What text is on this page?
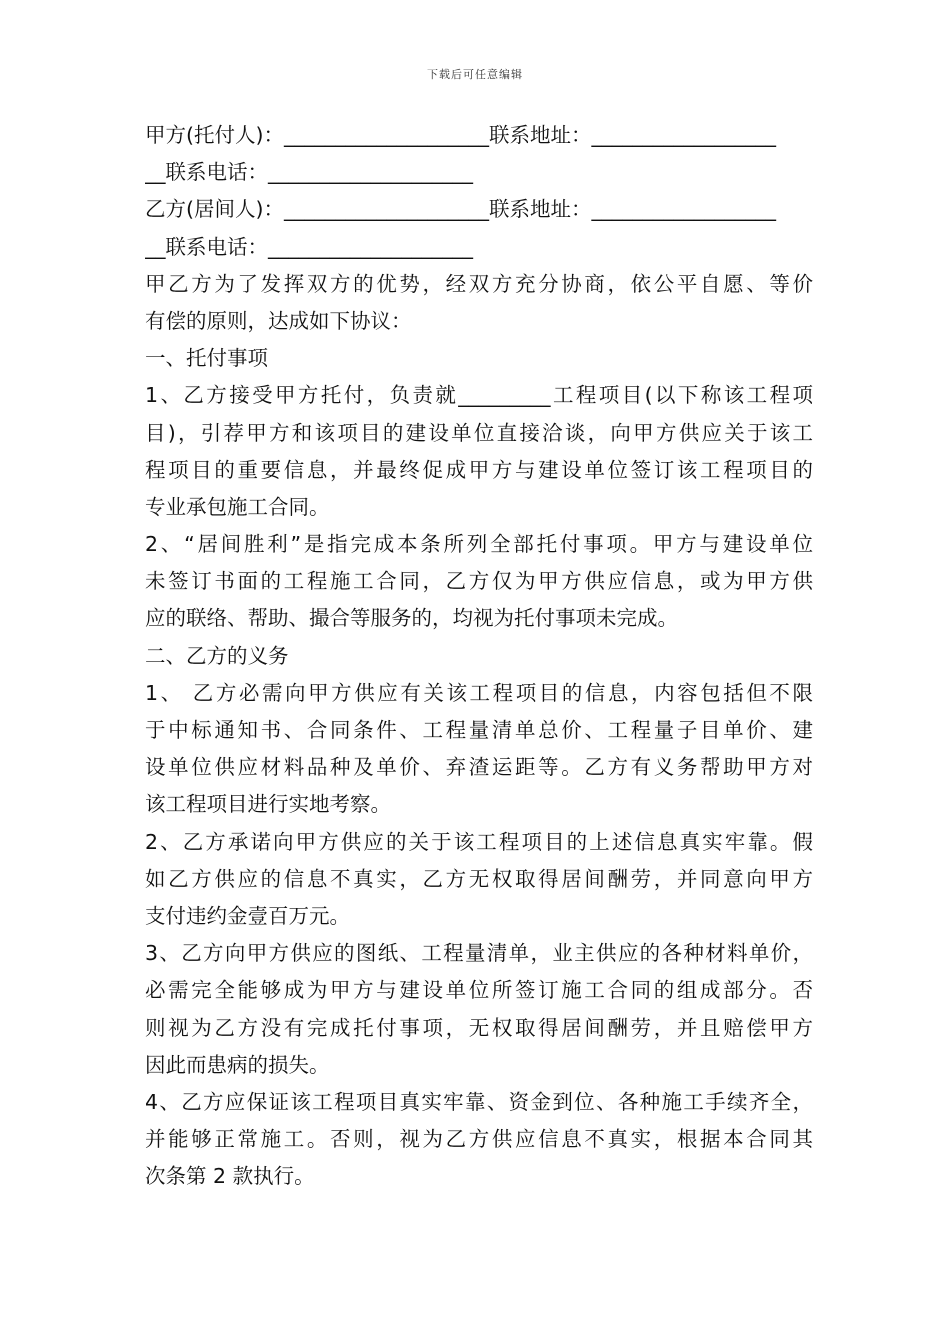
下载后可任意编辑
甲方(托付人)：____________________联系地址：__________________
__联系电话：____________________
乙方(居间人)：____________________联系地址：__________________
__联系电话：____________________
甲乙方为了发挥双方的优势，经双方充分协商，依公平自愿、等价
有偿的原则，达成如下协议：
一、托付事项
1、乙方接受甲方托付，负责就_________工程项目(以下称该工程项
目)，引荐甲方和该项目的建设单位直接洽谈，向甲方供应关于该工
程项目的重要信息，并最终促成甲方与建设单位签订该工程项目的
专业承包施工合同。
2、“居间胜利”是指完成本条所列全部托付事项。甲方与建设单位
未签订书面的工程施工合同，乙方仅为甲方供应信息，或为甲方供
应的联络、帮助、撮合等服务的，均视为托付事项未完成。
二、乙方的义务
1、 乙方必需向甲方供应有关该工程项目的信息，内容包括但不限
于中标通知书、合同条件、工程量清单总价、工程量子目单价、建
设单位供应材料品种及单价、弃渣运距等。乙方有义务帮助甲方对
该工程项目进行实地考察。
2、乙方承诺向甲方供应的关于该工程项目的上述信息真实牢靠。假
如乙方供应的信息不真实，乙方无权取得居间酬劳，并同意向甲方
支付违约金壹百万元。
3、乙方向甲方供应的图纸、工程量清单，业主供应的各种材料单价，
必需完全能够成为甲方与建设单位所签订施工合同的组成部分。否
则视为乙方没有完成托付事项，无权取得居间酬劳，并且赔偿甲方
因此而患病的损失。
4、乙方应保证该工程项目真实牢靠、资金到位、各种施工手续齐全，
并能够正常施工。否则，视为乙方供应信息不真实，根据本合同其
次条第 2 款执行。
